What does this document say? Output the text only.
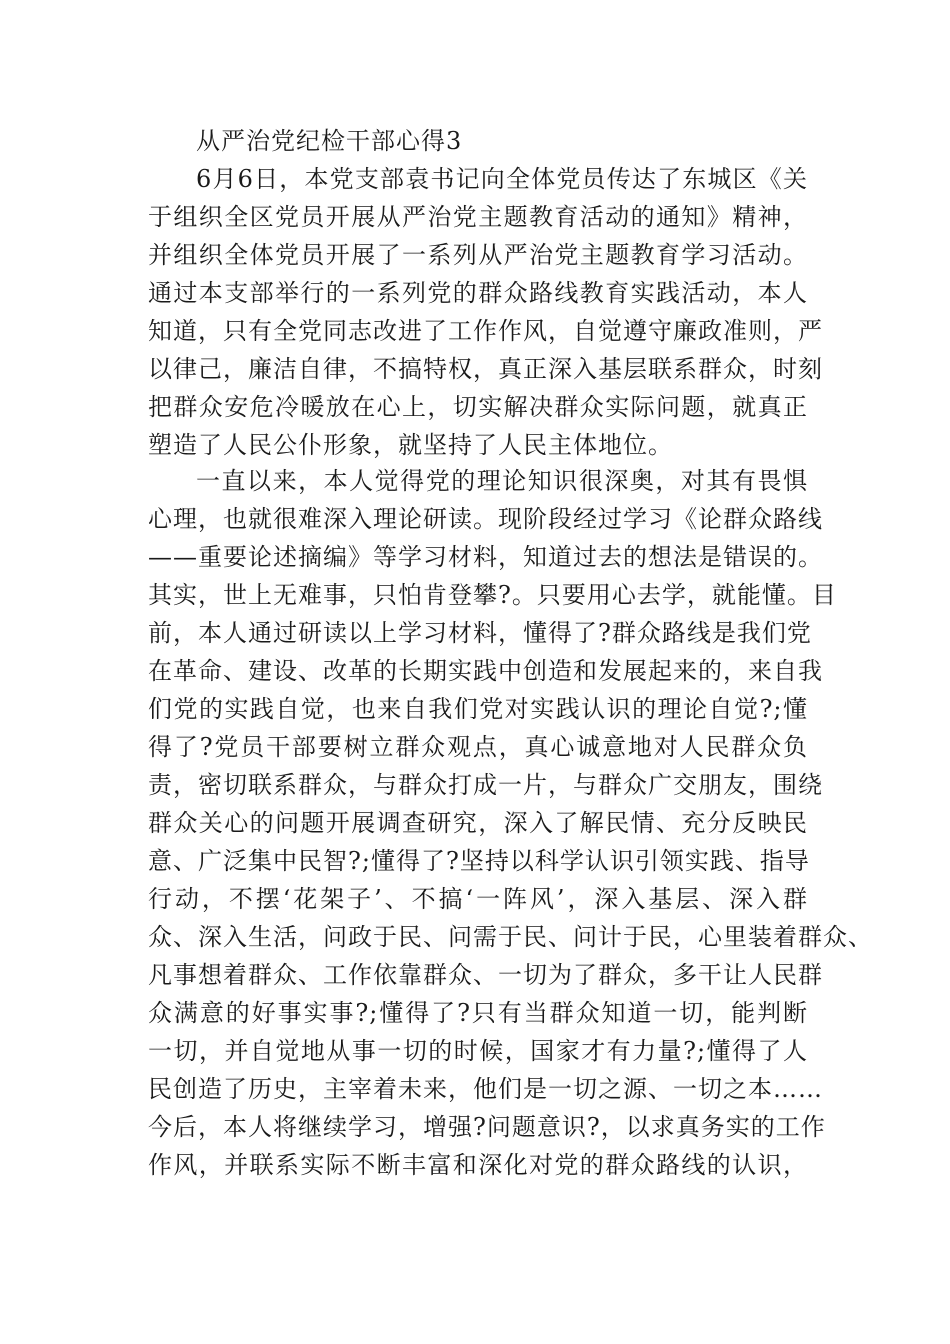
从严治党纪检干部心得3
6月6日，本党支部袁书记向全体党员传达了东城区《关
于组织全区党员开展从严治党主题教育活动的通知》精神，
并组织全体党员开展了一系列从严治党主题教育学习活动。
通过本支部举行的一系列党的群众路线教育实践活动，本人
知道，只有全党同志改进了工作作风，自觉遵守廉政准则，严
以律己，廉洁自律，不搞特权，真正深入基层联系群众，时刻
把群众安危冷暖放在心上，切实解决群众实际问题，就真正
塑造了人民公仆形象，就坚持了人民主体地位。
一直以来，本人觉得党的理论知识很深奥，对其有畏惧
心理，也就很难深入理论研读。现阶段经过学习《论群众路线
——重要论述摘编》等学习材料，知道过去的想法是错误的。
其实，世上无难事，只怕肯登攀?。只要用心去学，就能懂。目
前，本人通过研读以上学习材料，懂得了?群众路线是我们党
在革命、建设、改革的长期实践中创造和发展起来的，来自我
们党的实践自觉，也来自我们党对实践认识的理论自觉?;懂
得了?党员干部要树立群众观点，真心诚意地对人民群众负
责，密切联系群众，与群众打成一片，与群众广交朋友，围绕
群众关心的问题开展调查研究，深入了解民情、充分反映民
意、广泛集中民智?;懂得了?坚持以科学认识引领实践、指导
行动，不摆‘花架子’、不搞‘一阵风’，深入基层、深入群
众、深入生活，问政于民、问需于民、问计于民，心里装着群众、
凡事想着群众、工作依靠群众、一切为了群众，多干让人民群
众满意的好事实事?;懂得了?只有当群众知道一切，能判断
一切，并自觉地从事一切的时候，国家才有力量?;懂得了人
民创造了历史，主宰着未来，他们是一切之源、一切之本……
今后，本人将继续学习，增强?问题意识?，以求真务实的工作
作风，并联系实际不断丰富和深化对党的群众路线的认识，
